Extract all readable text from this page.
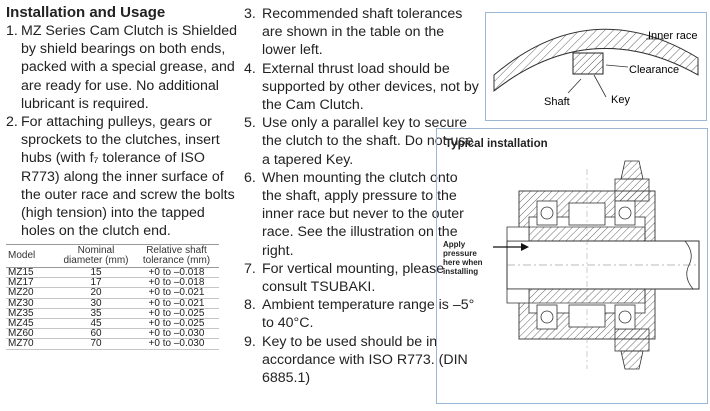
Installation and Usage
1. MZ Series Cam Clutch is Shielded by shield bearings on both ends, packed with a special grease, and are ready for use. No additional lubricant is required.
2. For attaching pulleys, gears or sprockets to the clutches, insert hubs (with f₇ tolerance of ISO R773) along the inner surface of the outer race and screw the bolts (high tension) into the tapped holes on the clutch end.
3. Recommended shaft tolerances are shown in the table on the lower left.
4. External thrust load should be supported by other devices, not by the Cam Clutch.
5. Use only a parallel key to secure the clutch to the shaft. Do not use a tapered Key.
6. When mounting the clutch onto the shaft, apply pressure to the inner race but never to the outer race. See the illustration on the right.
7. For vertical mounting, please consult TSUBAKI.
8. Ambient temperature range is –5° to 40°C.
9. Key to be used should be in accordance with ISO R773. (DIN 6885.1)
Model	Nominal diameter (mm)	Relative shaft tolerance (mm)
MZ15	15	+0 to –0.018
MZ17	17	+0 to –0.018
MZ20	20	+0 to –0.021
MZ30	30	+0 to –0.021
MZ35	35	+0 to –0.025
MZ45	45	+0 to –0.025
MZ60	60	+0 to –0.030
MZ70	70	+0 to –0.030
Inner race
Clearance
Key
Shaft
Typical installation
Apply pressure here when installing
